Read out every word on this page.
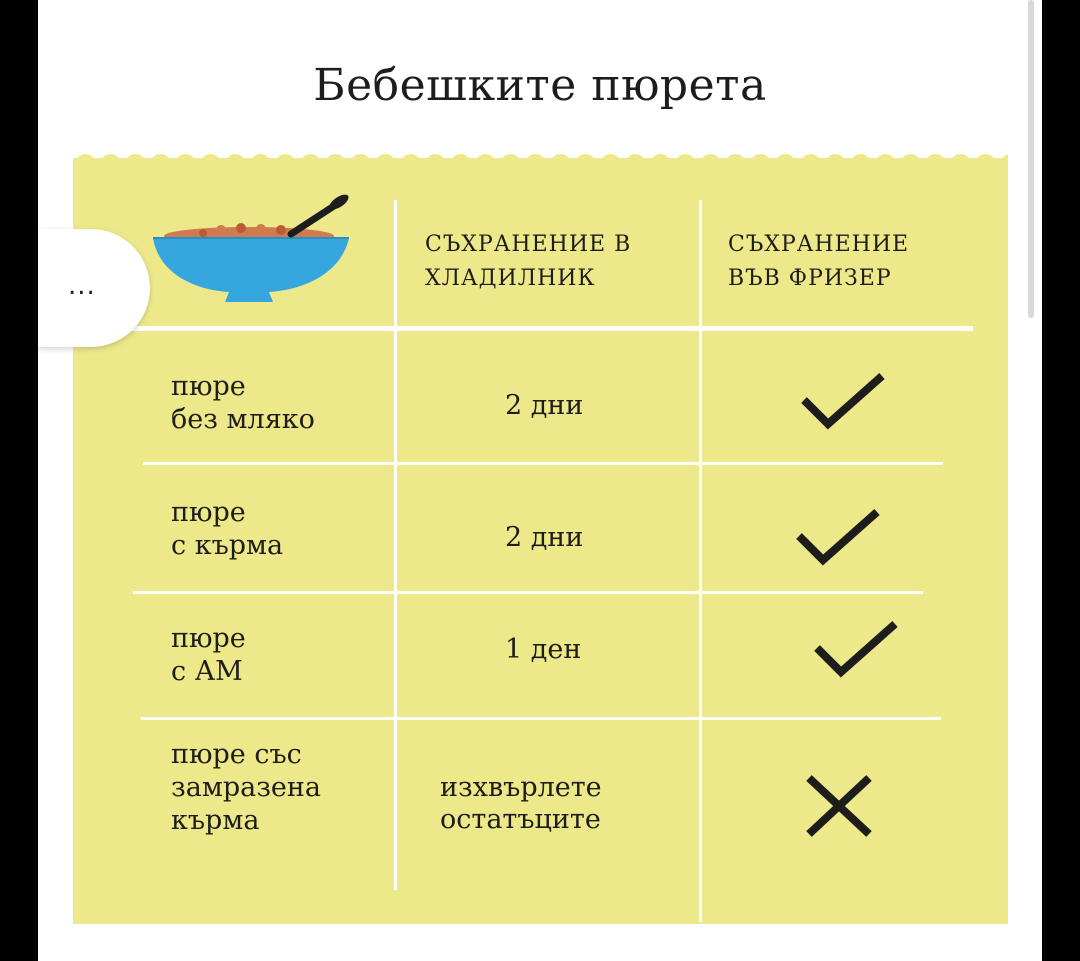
Бебешките пюрета
СЪХРАНЕНИЕ В
ХЛАДИЛНИК
СЪХРАНЕНИЕ
ВЪВ ФРИЗЕР
пюре
без мляко	2 дни
пюре
с кърма	2 дни
пюре
с АМ
1 ден
пюре със
замразена
кърма
изхвърлете
остатъците
...
